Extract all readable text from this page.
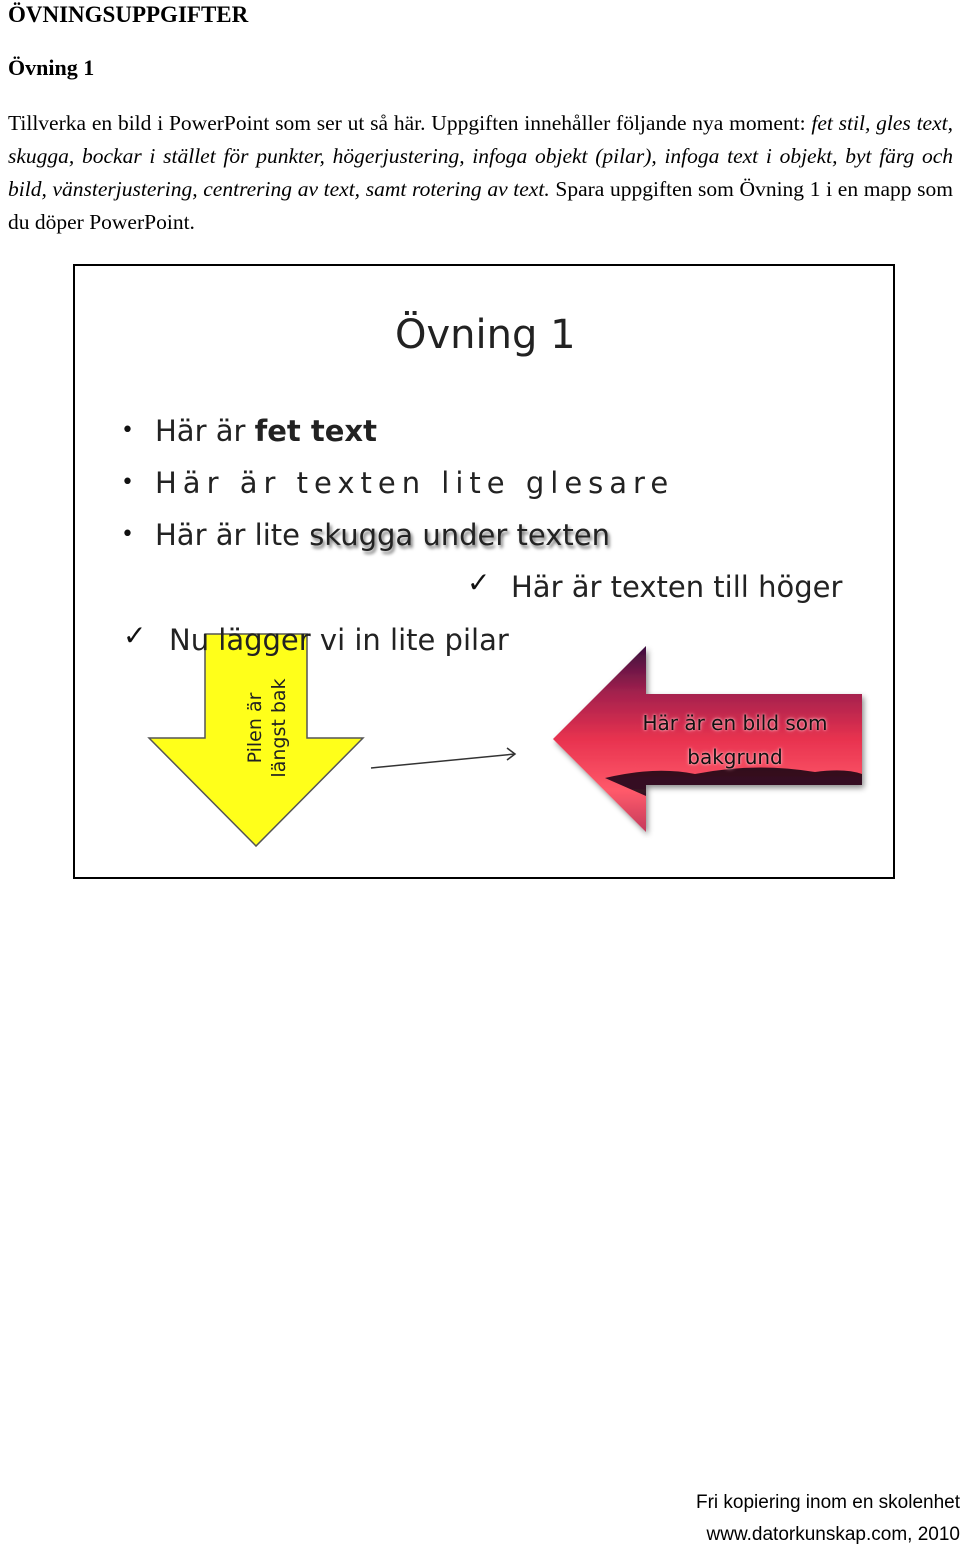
ÖVNINGSUPPGIFTER
Övning 1
Tillverka en bild i PowerPoint som ser ut så här. Uppgiften innehåller följande nya moment: fet stil, gles text, skugga, bockar i stället för punkter, högerjustering, infoga objekt (pilar), infoga text i objekt, byt färg och bild, vänsterjustering, centrering av text, samt rotering av text. Spara uppgiften som Övning 1 i en mapp som du döper PowerPoint.
Övning 1
• Här är fet text
• Här är texten lite glesare
• Här är lite skugga under texten
✓ Här är texten till höger
✓ Nu lägger vi in lite pilar
Pilen är längst bak	Här är en bild som
bakgrund
Fri kopiering inom en skolenhet
www.datorkunskap.com, 2010
